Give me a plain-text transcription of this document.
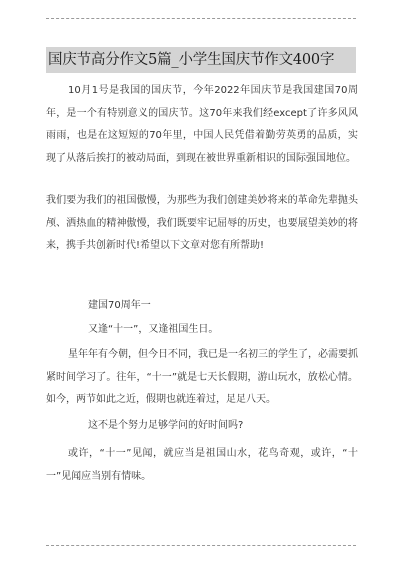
国庆节高分作文5篇_小学生国庆节作文400字

10月1号是我国的国庆节，今年2022年国庆节是我国建国70周年，是一个有特别意义的国庆节。这70年来我们经except了许多风风雨雨，也是在这短短的70年里，中国人民凭借着勤劳英勇的品质，实现了从落后挨打的被动局面，到现在被世界重新相识的国际强国地位。

我们要为我们的祖国傲慢，为那些为我们创建美妙将来的革命先辈抛头颅、洒热血的精神傲慢，我们既要牢记屈辱的历史，也要展望美妙的将来，携手共创新时代!希望以下文章对您有所帮助!

建国70周年一
又逢“十一”，又逢祖国生日。

星年年有今朝，但今日不同，我已是一名初三的学生了，必需要抓紧时间学习了。往年，“十一”就是七天长假期，游山玩水，放松心情。如今，两节如此之近，假期也就连着过，足足八天。

这不是个努力足够学问的好时间吗?

或许，“十一”见闻，就应当是祖国山水，花鸟奇观，或许，“十一”见闻应当别有情味。
